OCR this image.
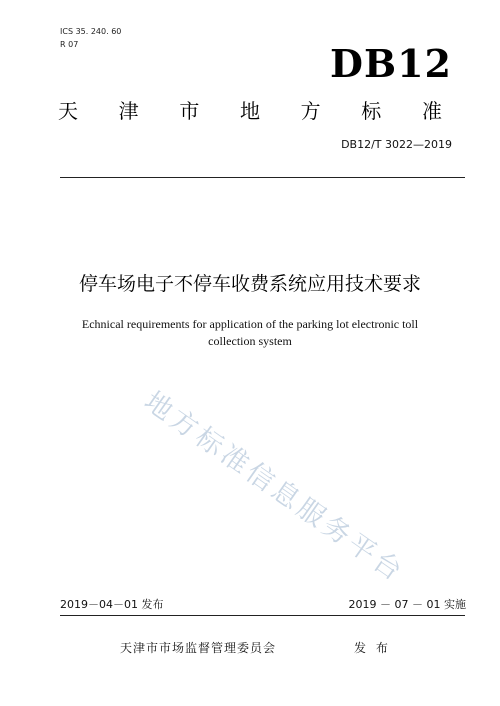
ICS 35. 240. 60
R 07	DB12
天 津 市 地 方 标 准
DB12/T 3022—2019
停车场电子不停车收费系统应用技术要求
Echnical requirements for application of the parking lot electronic toll collection system
地方标准信息服务平台
2019－04－01 发布	2019 － 07 － 01 实施
天津市市场监督管理委员会	发 布
